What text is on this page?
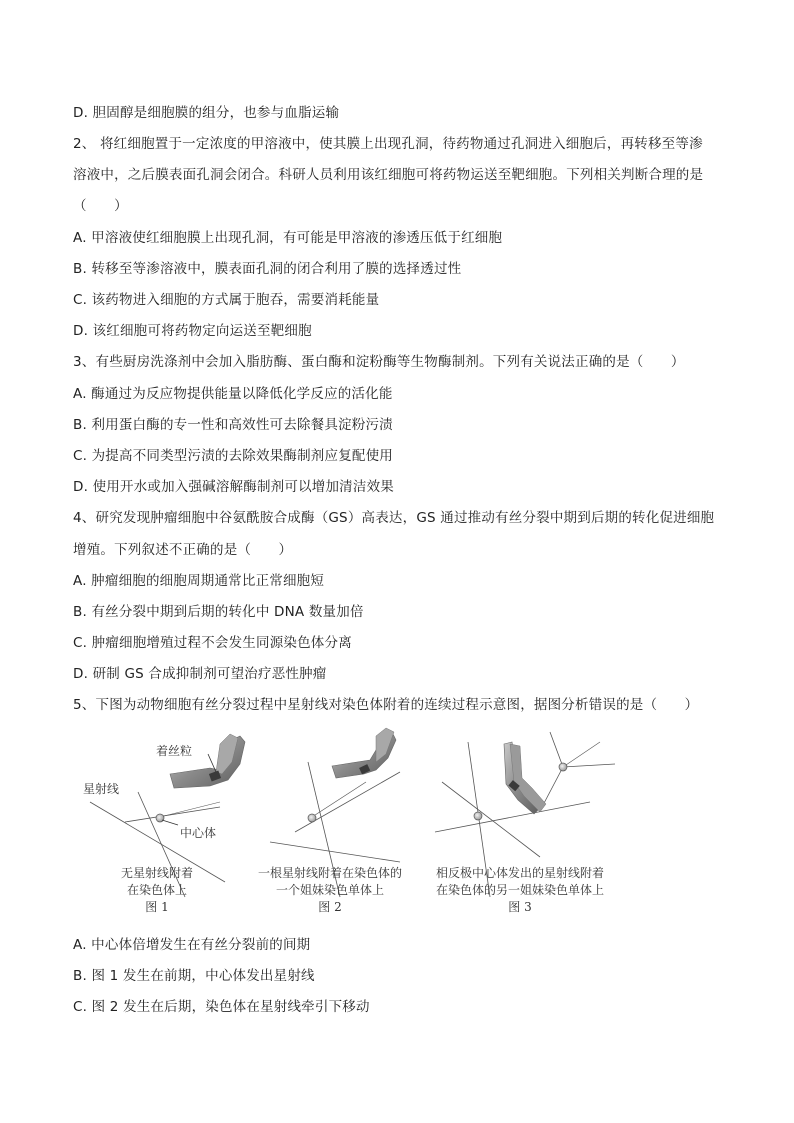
D. 胆固醇是细胞膜的组分，也参与血脂运输
2、 将红细胞置于一定浓度的甲溶液中，使其膜上出现孔洞，待药物通过孔洞进入细胞后，再转移至等渗
溶液中，之后膜表面孔洞会闭合。科研人员利用该红细胞可将药物运送至靶细胞。下列相关判断合理的是
（　　）
A. 甲溶液使红细胞膜上出现孔洞，有可能是甲溶液的渗透压低于红细胞
B. 转移至等渗溶液中，膜表面孔洞的闭合利用了膜的选择透过性
C. 该药物进入细胞的方式属于胞吞，需要消耗能量
D. 该红细胞可将药物定向运送至靶细胞
3、有些厨房洗涤剂中会加入脂肪酶、蛋白酶和淀粉酶等生物酶制剂。下列有关说法正确的是（　　）
A. 酶通过为反应物提供能量以降低化学反应的活化能
B. 利用蛋白酶的专一性和高效性可去除餐具淀粉污渍
C. 为提高不同类型污渍的去除效果酶制剂应复配使用
D. 使用开水或加入强碱溶解酶制剂可以增加清洁效果
4、研究发现肿瘤细胞中谷氨酰胺合成酶（GS）高表达，GS 通过推动有丝分裂中期到后期的转化促进细胞
增殖。下列叙述不正确的是（　　）
A. 肿瘤细胞的细胞周期通常比正常细胞短
B. 有丝分裂中期到后期的转化中 DNA 数量加倍
C. 肿瘤细胞增殖过程不会发生同源染色体分离
D. 研制 GS 合成抑制剂可望治疗恶性肿瘤
5、下图为动物细胞有丝分裂过程中星射线对染色体附着的连续过程示意图，据图分析错误的是（　　）
着丝粒
星射线
中心体
无星射线附着
在染色体上
图 1
一根星射线附着在染色体的
一个姐妹染色单体上
图 2
相反极中心体发出的星射线附着
在染色体的另一姐妹染色单体上
图 3
A. 中心体倍增发生在有丝分裂前的间期
B. 图 1 发生在前期，中心体发出星射线
C. 图 2 发生在后期，染色体在星射线牵引下移动
